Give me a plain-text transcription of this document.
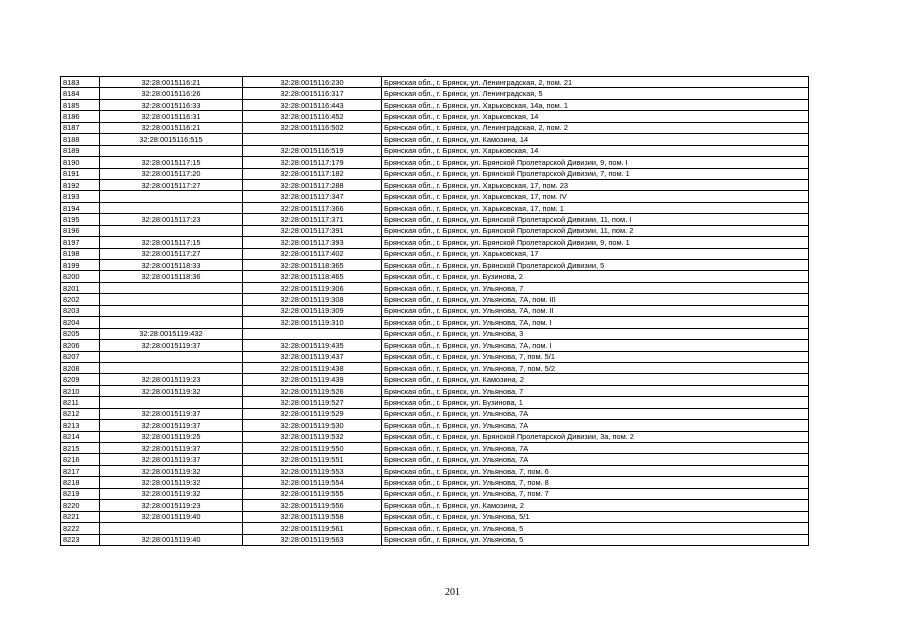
8183	32:28:0015116:21	32:28:0015116:230	Брянская обл., г. Брянск, ул. Ленинградская, 2, пом. 21
8184	32:28:0015116:26	32:28:0015116:317	Брянская обл., г. Брянск, ул. Ленинградская, 5
8185	32:28:0015116:33	32:28:0015116:443	Брянская обл., г. Брянск, ул. Харьковская, 14а, пом. 1
8186	32:28:0015116:31	32:28:0015116:452	Брянская обл., г. Брянск, ул. Харьковская, 14
8187	32:28:0015116:21	32:28:0015116:502	Брянская обл., г. Брянск, ул. Ленинградская, 2, пом. 2
8188	32:28:0015116:515		Брянская обл., г. Брянск, ул. Камозина, 14
8189		32:28:0015116:519	Брянская обл., г. Брянск, ул. Харьковская, 14
8190	32:28:0015117:15	32:28:0015117:179	Брянская обл., г. Брянск, ул. Брянской Пролетарской Дивизии, 9, пом. I
8191	32:28:0015117:20	32:28:0015117:182	Брянская обл., г. Брянск, ул. Брянской Пролетарской Дивизии, 7, пом. 1
8192	32:28:0015117:27	32:28:0015117:288	Брянская обл., г. Брянск, ул. Харьковская, 17, пом. 23
8193		32:28:0015117:347	Брянская обл., г. Брянск, ул. Харьковская, 17, пом. IV
8194		32:28:0015117:366	Брянская обл., г. Брянск, ул. Харьковская, 17, пом. 1
8195	32:28:0015117:23	32:28:0015117:371	Брянская обл., г. Брянск, ул. Брянской Пролетарской Дивизии, 11, пом. I
8196		32:28:0015117:391	Брянская обл., г. Брянск, ул. Брянской Пролетарской Дивизии, 11, пом. 2
8197	32:28:0015117:15	32:28:0015117:393	Брянская обл., г. Брянск, ул. Брянской Пролетарской Дивизии, 9, пом. 1
8198	32:28:0015117:27	32:28:0015117:402	Брянская обл., г. Брянск, ул. Харьковская, 17
8199	32:28:0015118:33	32:28:0015118:365	Брянская обл., г. Брянск, ул. Брянской Пролетарской Дивизии, 5
8200	32:28:0015118:36	32:28:0015118:465	Брянская обл., г. Брянск, ул. Бузинова, 2
8201		32:28:0015119:306	Брянская обл., г. Брянск, ул. Ульянова, 7
8202		32:28:0015119:308	Брянская обл., г. Брянск, ул. Ульянова, 7А, пом. III
8203		32:28:0015119:309	Брянская обл., г. Брянск, ул. Ульянова, 7А, пом. II
8204		32:28:0015119:310	Брянская обл., г. Брянск, ул. Ульянова, 7А, пом. I
8205	32:28:0015119:432		Брянская обл., г. Брянск, ул. Ульянова, 3
8206	32:28:0015119:37	32:28:0015119:435	Брянская обл., г. Брянск, ул. Ульянова, 7А, пом. I
8207		32:28:0015119:437	Брянская обл., г. Брянск, ул. Ульянова, 7, пом. 5/1
8208		32:28:0015119:438	Брянская обл., г. Брянск, ул. Ульянова, 7, пом. 5/2
8209	32:28:0015119:23	32:28:0015119:439	Брянская обл., г. Брянск, ул. Камозина, 2
8210	32:28:0015119:32	32:28:0015119:526	Брянская обл., г. Брянск, ул. Ульянова, 7
8211		32:28:0015119:527	Брянская обл., г. Брянск, ул. Бузинова, 1
8212	32:28:0015119:37	32:28:0015119:529	Брянская обл., г. Брянск, ул. Ульянова, 7А
8213	32:28:0015119:37	32:28:0015119:530	Брянская обл., г. Брянск, ул. Ульянова, 7А
8214	32:28:0015119:25	32:28:0015119:532	Брянская обл., г. Брянск, ул. Брянской Пролетарской Дивизии, 3а, пом. 2
8215	32:28:0015119:37	32:28:0015119:550	Брянская обл., г. Брянск, ул. Ульянова, 7А
8216	32:28:0015119:37	32:28:0015119:551	Брянская обл., г. Брянск, ул. Ульянова, 7А
8217	32:28:0015119:32	32:28:0015119:553	Брянская обл., г. Брянск, ул. Ульянова, 7, пом. 6
8218	32:28:0015119:32	32:28:0015119:554	Брянская обл., г. Брянск, ул. Ульянова, 7, пом. 8
8219	32:28:0015119:32	32:28:0015119:555	Брянская обл., г. Брянск, ул. Ульянова, 7, пом. 7
8220	32:28:0015119:23	32:28:0015119:556	Брянская обл., г. Брянск, ул. Камозина, 2
8221	32:28:0015119:40	32:28:0015119:558	Брянская обл., г. Брянск, ул. Ульянова, 5/1
8222		32:28:0015119:561	Брянская обл., г. Брянск, ул. Ульянова, 5
8223	32:28:0015119:40	32:28:0015119:563	Брянская обл., г. Брянск, ул. Ульянова, 5
201
